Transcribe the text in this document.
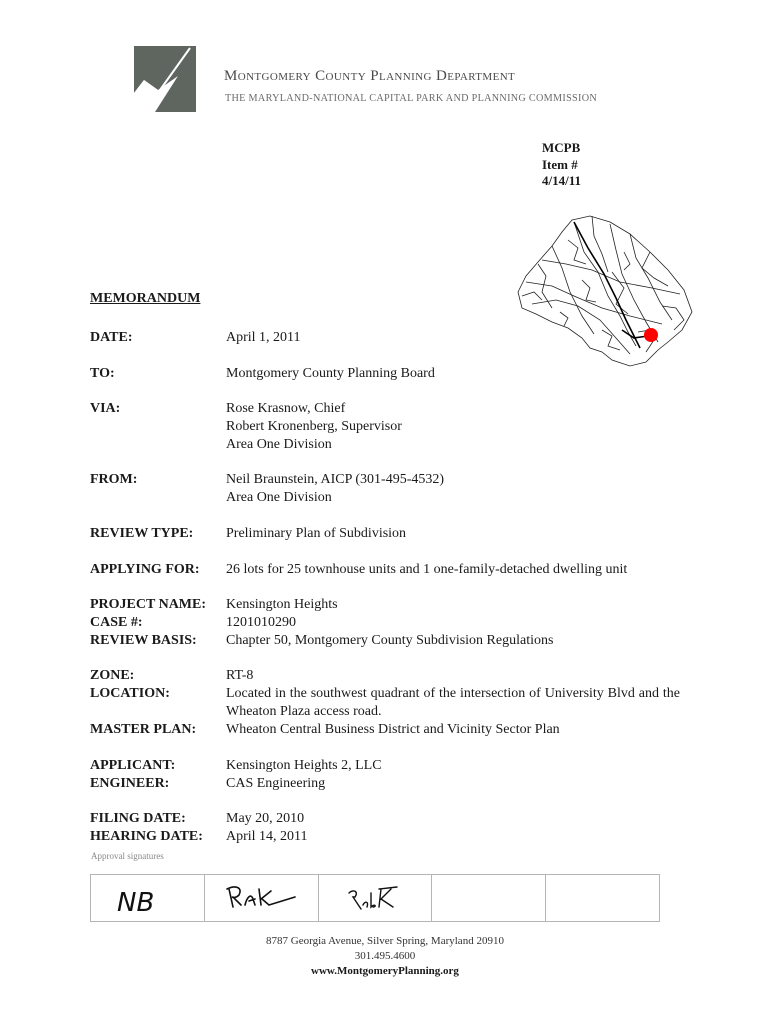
Montgomery County Planning Department
THE MARYLAND-NATIONAL CAPITAL PARK AND PLANNING COMMISSION
MCPB
Item #
4/14/11
MEMORANDUM
DATE:	April 1, 2011
TO:	Montgomery County Planning Board
VIA:	Rose Krasnow, Chief
Robert Kronenberg, Supervisor
Area One Division
FROM:	Neil Braunstein, AICP (301-495-4532)
Area One Division
REVIEW TYPE: Preliminary Plan of Subdivision
APPLYING FOR: 26 lots for 25 townhouse units and 1 one-family-detached dwelling unit
PROJECT NAME: Kensington Heights
CASE #:	1201010290
REVIEW BASIS: Chapter 50, Montgomery County Subdivision Regulations
ZONE:	RT-8
LOCATION:	Located in the southwest quadrant of the intersection of University Blvd and the Wheaton Plaza access road.
MASTER PLAN: Wheaton Central Business District and Vicinity Sector Plan
APPLICANT:	Kensington Heights 2, LLC
ENGINEER:	CAS Engineering
FILING DATE:	May 20, 2010
HEARING DATE: April 14, 2011
Approval signatures
NB
8787 Georgia Avenue, Silver Spring, Maryland 20910
301.495.4600
www.MontgomeryPlanning.org
